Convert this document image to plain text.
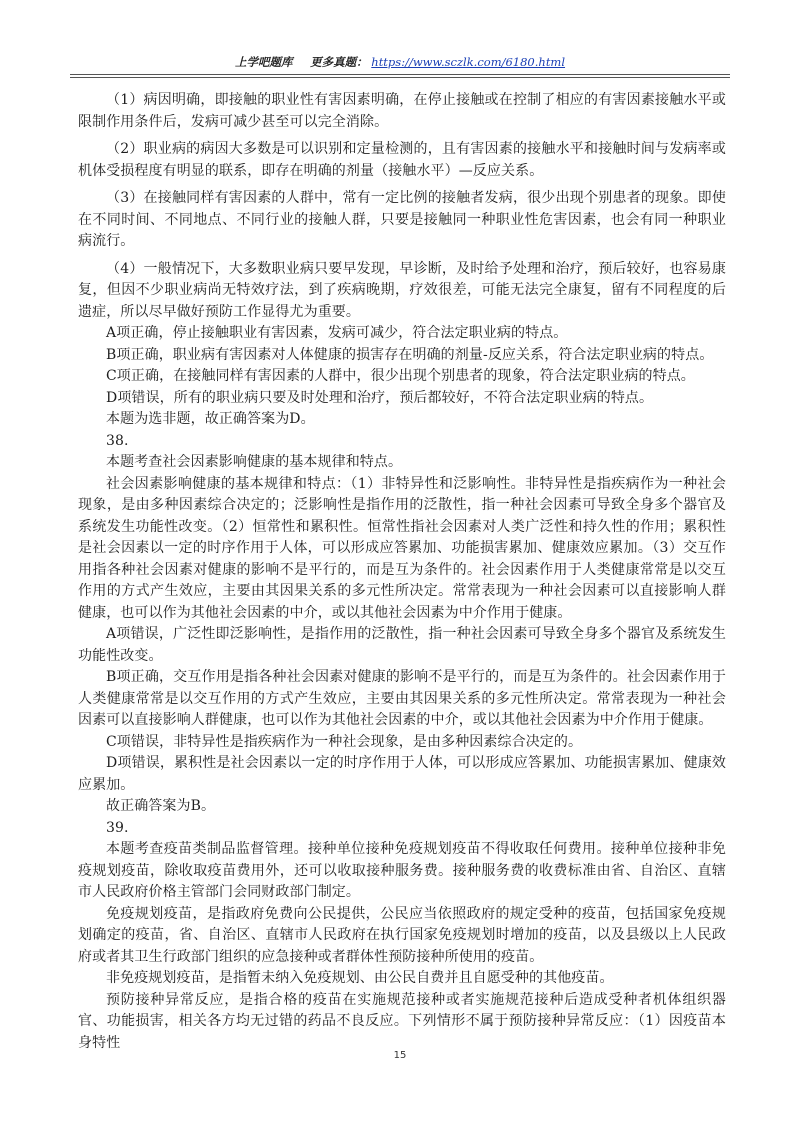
上学吧题库 更多真题： https://www.sczlk.com/6180.html

（1）病因明确，即接触的职业性有害因素明确，在停止接触或在控制了相应的有害因素接触水平或限制作用条件后，发病可减少甚至可以完全消除。

（2）职业病的病因大多数是可以识别和定量检测的，且有害因素的接触水平和接触时间与发病率或机体受损程度有明显的联系，即存在明确的剂量（接触水平）—反应关系。

（3）在接触同样有害因素的人群中，常有一定比例的接触者发病，很少出现个别患者的现象。即使在不同时间、不同地点、不同行业的接触人群，只要是接触同一种职业性危害因素，也会有同一种职业病流行。

（4）一般情况下，大多数职业病只要早发现，早诊断，及时给予处理和治疗，预后较好，也容易康复，但因不少职业病尚无特效疗法，到了疾病晚期，疗效很差，可能无法完全康复，留有不同程度的后遗症，所以尽早做好预防工作显得尤为重要。

A项正确，停止接触职业有害因素，发病可减少，符合法定职业病的特点。

B项正确，职业病有害因素对人体健康的损害存在明确的剂量-反应关系，符合法定职业病的特点。

C项正确，在接触同样有害因素的人群中，很少出现个别患者的现象，符合法定职业病的特点。

D项错误，所有的职业病只要及时处理和治疗，预后都较好，不符合法定职业病的特点。

本题为选非题，故正确答案为D。

38.

本题考查社会因素影响健康的基本规律和特点。

社会因素影响健康的基本规律和特点：（1）非特异性和泛影响性。非特异性是指疾病作为一种社会现象，是由多种因素综合决定的；泛影响性是指作用的泛散性，指一种社会因素可导致全身多个器官及系统发生功能性改变。（2）恒常性和累积性。恒常性指社会因素对人类广泛性和持久性的作用；累积性是社会因素以一定的时序作用于人体，可以形成应答累加、功能损害累加、健康效应累加。（3）交互作用指各种社会因素对健康的影响不是平行的，而是互为条件的。社会因素作用于人类健康常常是以交互作用的方式产生效应，主要由其因果关系的多元性所决定。常常表现为一种社会因素可以直接影响人群健康，也可以作为其他社会因素的中介，或以其他社会因素为中介作用于健康。

A项错误，广泛性即泛影响性，是指作用的泛散性，指一种社会因素可导致全身多个器官及系统发生功能性改变。

B项正确，交互作用是指各种社会因素对健康的影响不是平行的，而是互为条件的。社会因素作用于人类健康常常是以交互作用的方式产生效应，主要由其因果关系的多元性所决定。常常表现为一种社会因素可以直接影响人群健康，也可以作为其他社会因素的中介，或以其他社会因素为中介作用于健康。

C项错误，非特异性是指疾病作为一种社会现象，是由多种因素综合决定的。

D项错误，累积性是社会因素以一定的时序作用于人体，可以形成应答累加、功能损害累加、健康效应累加。

故正确答案为B。

39.

本题考查疫苗类制品监督管理。接种单位接种免疫规划疫苗不得收取任何费用。接种单位接种非免疫规划疫苗，除收取疫苗费用外，还可以收取接种服务费。接种服务费的收费标准由省、自治区、直辖市人民政府价格主管部门会同财政部门制定。

免疫规划疫苗，是指政府免费向公民提供，公民应当依照政府的规定受种的疫苗，包括国家免疫规划确定的疫苗，省、自治区、直辖市人民政府在执行国家免疫规划时增加的疫苗，以及县级以上人民政府或者其卫生行政部门组织的应急接种或者群体性预防接种所使用的疫苗。

非免疫规划疫苗，是指暂未纳入免疫规划、由公民自费并且自愿受种的其他疫苗。

预防接种异常反应，是指合格的疫苗在实施规范接种或者实施规范接种后造成受种者机体组织器官、功能损害，相关各方均无过错的药品不良反应。下列情形不属于预防接种异常反应：（1）因疫苗本身特性

15
